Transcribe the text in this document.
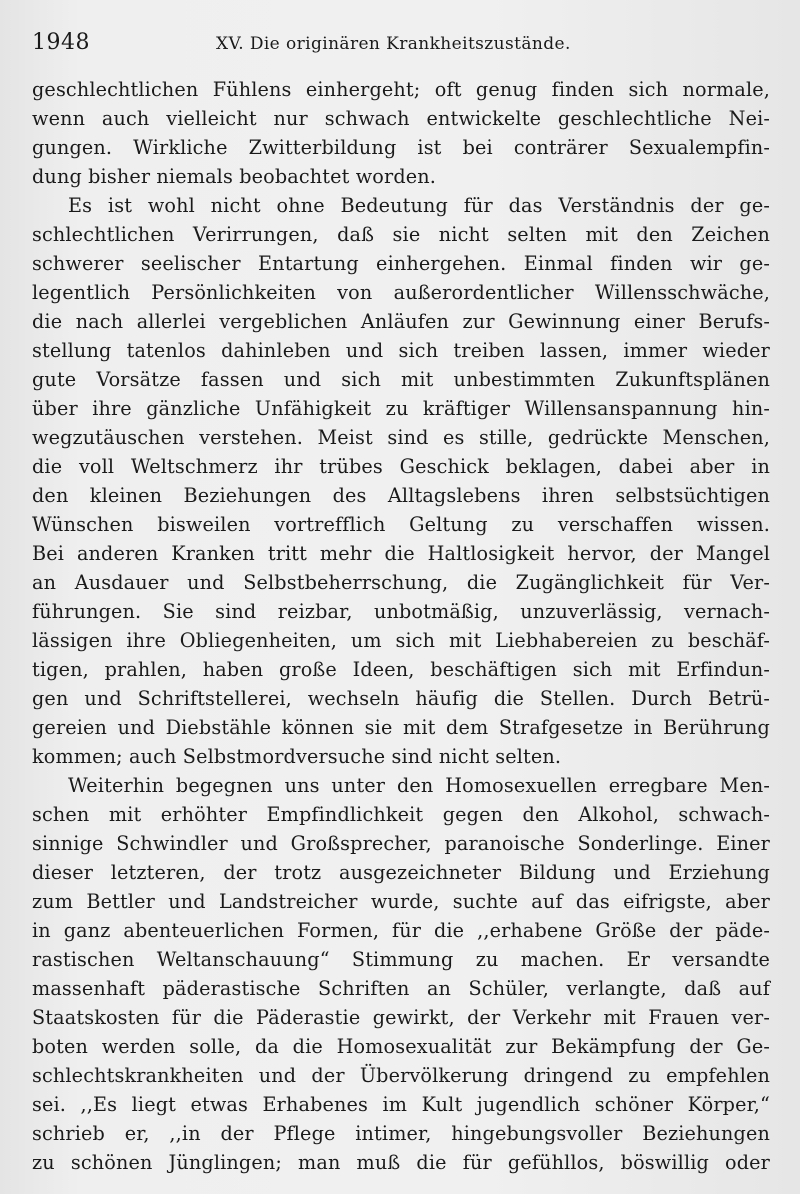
1948	XV. Die originären Krankheitszustände.
geschlechtlichen Fühlens einhergeht; oft genug finden sich normale,
wenn auch vielleicht nur schwach entwickelte geschlechtliche Nei-
gungen. Wirkliche Zwitterbildung ist bei conträrer Sexualempfin-
dung bisher niemals beobachtet worden.
Es ist wohl nicht ohne Bedeutung für das Verständnis der ge-
schlechtlichen Verirrungen, daß sie nicht selten mit den Zeichen
schwerer seelischer Entartung einhergehen. Einmal finden wir ge-
legentlich Persönlichkeiten von außerordentlicher Willensschwäche,
die nach allerlei vergeblichen Anläufen zur Gewinnung einer Berufs-
stellung tatenlos dahinleben und sich treiben lassen, immer wieder
gute Vorsätze fassen und sich mit unbestimmten Zukunftsplänen
über ihre gänzliche Unfähigkeit zu kräftiger Willensanspannung hin-
wegzutäuschen verstehen. Meist sind es stille, gedrückte Menschen,
die voll Weltschmerz ihr trübes Geschick beklagen, dabei aber in
den kleinen Beziehungen des Alltagslebens ihren selbstsüchtigen
Wünschen bisweilen vortrefflich Geltung zu verschaffen wissen.
Bei anderen Kranken tritt mehr die Haltlosigkeit hervor, der Mangel
an Ausdauer und Selbstbeherrschung, die Zugänglichkeit für Ver-
führungen. Sie sind reizbar, unbotmäßig, unzuverlässig, vernach-
lässigen ihre Obliegenheiten, um sich mit Liebhabereien zu beschäf-
tigen, prahlen, haben große Ideen, beschäftigen sich mit Erfindun-
gen und Schriftstellerei, wechseln häufig die Stellen. Durch Betrü-
gereien und Diebstähle können sie mit dem Strafgesetze in Berührung
kommen; auch Selbstmordversuche sind nicht selten.
Weiterhin begegnen uns unter den Homosexuellen erregbare Men-
schen mit erhöhter Empfindlichkeit gegen den Alkohol, schwach-
sinnige Schwindler und Großsprecher, paranoische Sonderlinge. Einer
dieser letzteren, der trotz ausgezeichneter Bildung und Erziehung
zum Bettler und Landstreicher wurde, suchte auf das eifrigste, aber
in ganz abenteuerlichen Formen, für die ,,erhabene Größe der päde-
rastischen Weltanschauung“ Stimmung zu machen. Er versandte
massenhaft päderastische Schriften an Schüler, verlangte, daß auf
Staatskosten für die Päderastie gewirkt, der Verkehr mit Frauen ver-
boten werden solle, da die Homosexualität zur Bekämpfung der Ge-
schlechtskrankheiten und der Übervölkerung dringend zu empfehlen
sei. ,,Es liegt etwas Erhabenes im Kult jugendlich schöner Körper,“
schrieb er, ,,in der Pflege intimer, hingebungsvoller Beziehungen
zu schönen Jünglingen; man muß die für gefühllos, böswillig oder
